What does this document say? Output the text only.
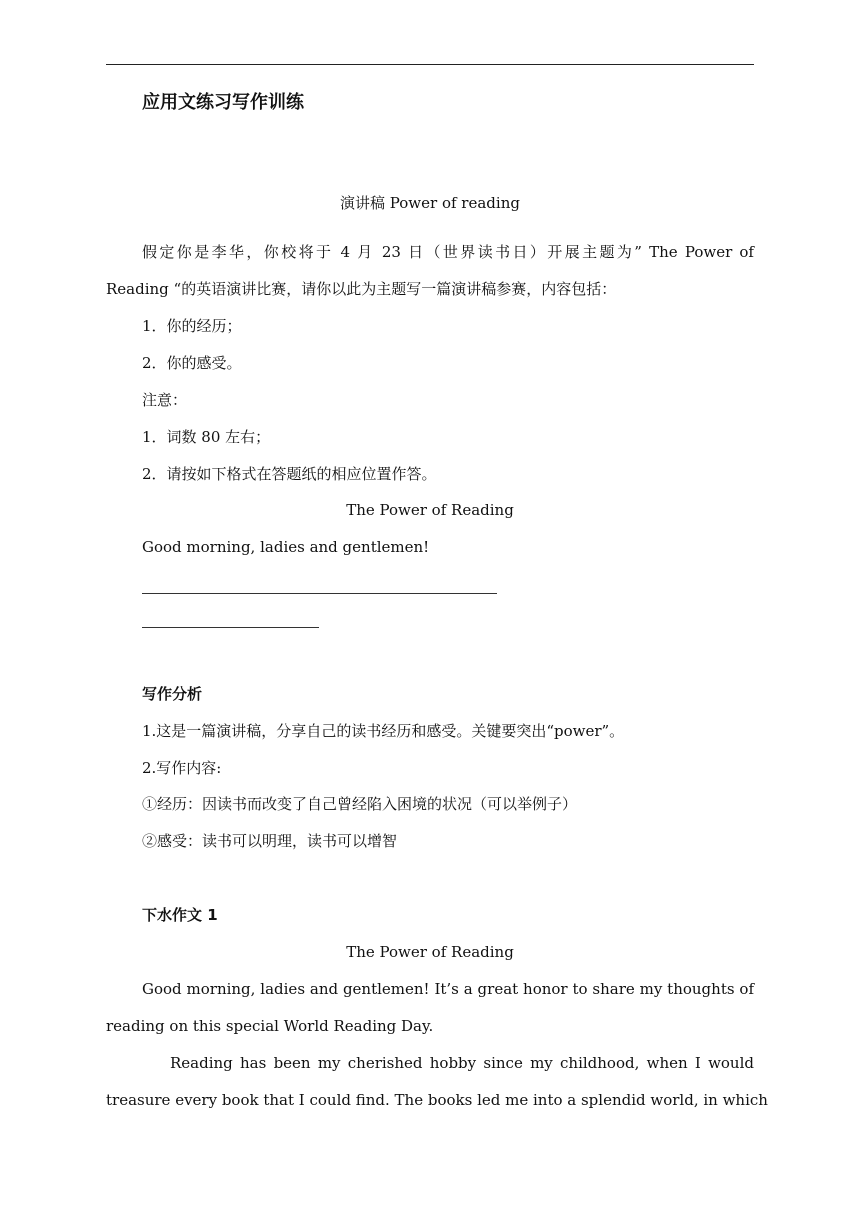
应用文练习写作训练
演讲稿 Power of reading
假定你是李华，你校将于 4 月 23 日（世界读书日）开展主题为” The Power of
Reading “的英语演讲比赛，请你以此为主题写一篇演讲稿参赛，内容包括：
1．你的经历；
2．你的感受。
注意：
1．词数 80 左右；
2．请按如下格式在答题纸的相应位置作答。
The Power of Reading
Good morning, ladies and gentlemen!
写作分析
1.这是一篇演讲稿，分享自己的读书经历和感受。关键要突出“power”。
2.写作内容:
①经历：因读书而改变了自己曾经陷入困境的状况（可以举例子）
②感受：读书可以明理，读书可以增智
下水作文 1
The Power of Reading
Good morning, ladies and gentlemen! It’s a great honor to share my thoughts of
reading on this special World Reading Day.
Reading has been my cherished hobby since my childhood, when I would
treasure every book that I could find. The books led me into a splendid world, in which
